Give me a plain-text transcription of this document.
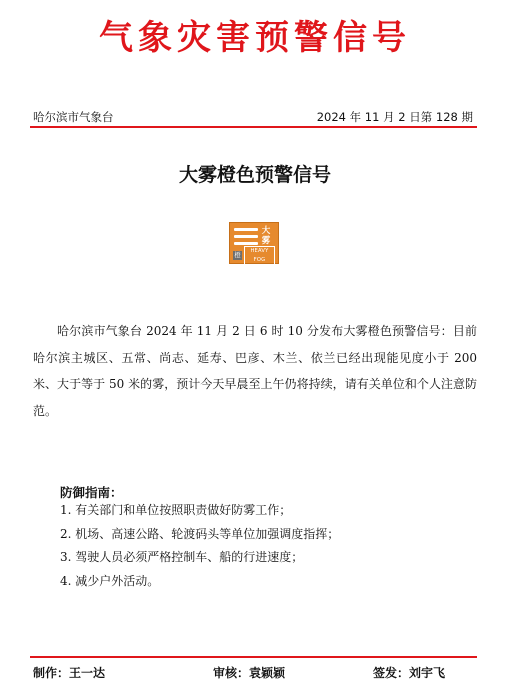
气象灾害预警信号
哈尔滨市气象台	2024 年 11 月 2 日第 128 期
大雾橙色预警信号
大雾
橙
HEAVY FOG

哈尔滨市气象台 2024 年 11 月 2 日 6 时 10 分发布大雾橙色预警信号：目前哈尔滨主城区、五常、尚志、延寿、巴彦、木兰、依兰已经出现能见度小于 200 米、大于等于 50 米的雾，预计今天早晨至上午仍将持续，请有关单位和个人注意防范。

防御指南：
1. 有关部门和单位按照职责做好防雾工作；
2. 机场、高速公路、轮渡码头等单位加强调度指挥；
3. 驾驶人员必须严格控制车、船的行进速度；
4. 减少户外活动。
制作：王一达	审核：袁颖颖	签发：刘宇飞
